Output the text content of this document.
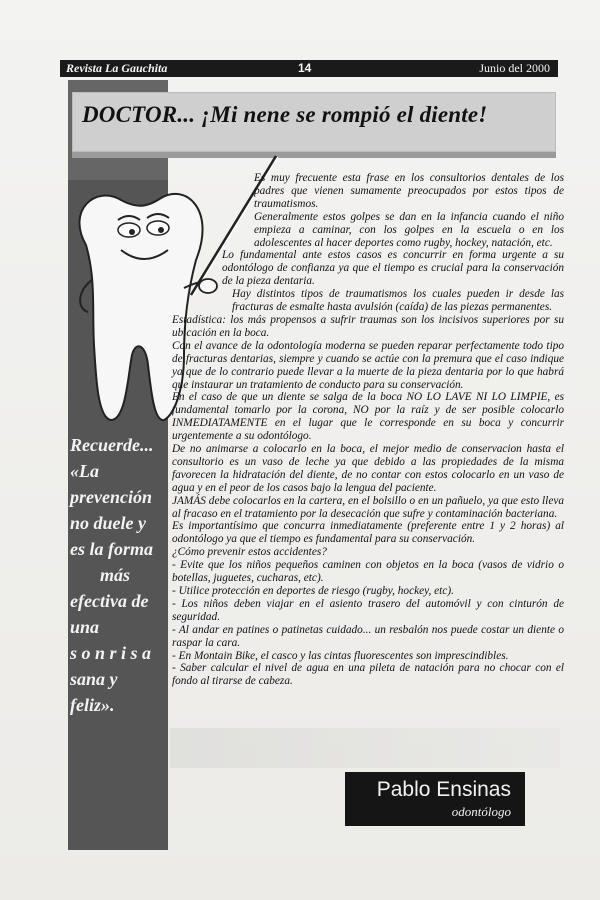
Revista La Gauchita	14	Junio del 2000
DOCTOR... ¡Mi nene se rompió el diente!
Recuerde...
«La
prevención
no duele y
es la forma
más
efectiva de
una
s o n r i s a
sana y
feliz».

Es muy frecuente esta frase en los consultorios dentales de los padres que vienen sumamente preocupados por estos tipos de traumatismos.

Generalmente estos golpes se dan en la infancia cuando el niño empieza a caminar, con los golpes en la escuela o en los adolescentes al hacer deportes como rugby, hockey, natación, etc.

Lo fundamental ante estos casos es concurrir en forma urgente a su odontólogo de confianza ya que el tiempo es crucial para la conservación de la pieza dentaria.

Hay distintos tipos de traumatismos los cuales pueden ir desde las fracturas de esmalte hasta avulsión (caída) de las piezas permanentes.

Estadística: los más propensos a sufrir traumas son los incisivos superiores por su ubicación en la boca.

Con el avance de la odontología moderna se pueden reparar perfectamente todo tipo de fracturas dentarias, siempre y cuando se actúe con la premura que el caso indique ya que de lo contrario puede llevar a la muerte de la pieza dentaria por lo que habrá que instaurar un tratamiento de conducto para su conservación.

En el caso de que un diente se salga de la boca NO LO LAVE NI LO LIMPIE, es fundamental tomarlo por la corona, NO por la raíz y de ser posible colocarlo INMEDIATAMENTE en el lugar que le corresponde en su boca y concurrir urgentemente a su odontólogo.

De no animarse a colocarlo en la boca, el mejor medio de conservacion hasta el consultorio es un vaso de leche ya que debido a las propiedades de la misma favorecen la hidratación del diente, de no contar con estos colocarlo en un vaso de agua y en el peor de los casos bajo la lengua del paciente.

JAMÁS debe colocarlos en la cartera, en el bolsillo o en un pañuelo, ya que esto lleva al fracaso en el tratamiento por la desecación que sufre y contaminación bacteriana.

Es importantísimo que concurra inmediatamente (preferente entre 1 y 2 horas) al odontólogo ya que el tiempo es fundamental para su conservación.

¿Cómo prevenir estos accidentes?

- Evite que los niños pequeños caminen con objetos en la boca (vasos de vidrio o botellas, juguetes, cucharas, etc).

- Utilice protección en deportes de riesgo (rugby, hockey, etc).

- Los niños deben viajar en el asiento trasero del automóvil y con cinturón de seguridad.

- Al andar en patines o patinetas cuidado... un resbalón nos puede costar un diente o raspar la cara.

- En Montain Bike, el casco y las cintas fluorescentes son imprescindibles.

- Saber calcular el nivel de agua en una pileta de natación para no chocar con el fondo al tirarse de cabeza.

Pablo Ensinas
odontólogo
